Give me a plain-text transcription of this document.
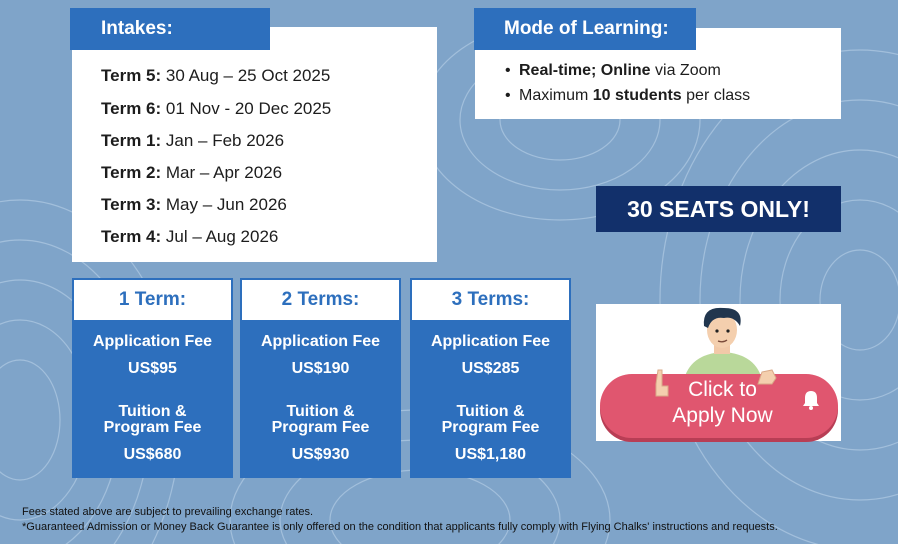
Intakes:
Term 5: 30 Aug – 25 Oct 2025
Term 6: 01 Nov - 20 Dec 2025
Term 1: Jan – Feb 2026
Term 2: Mar – Apr 2026
Term 3: May – Jun 2026
Term 4: Jul – Aug 2026
Mode of Learning:
• Real-time; Online via Zoom
• Maximum 10 students per class
30 SEATS ONLY!
1 Term:
Application Fee
US$95
Tuition &
Program Fee
US$680
2 Terms:
Application Fee
US$190
Tuition &
Program Fee
US$930
3 Terms:
Application Fee
US$285
Tuition &
Program Fee
US$1,180
Click to
Apply Now
Fees stated above are subject to prevailing exchange rates.
*Guaranteed Admission or Money Back Guarantee is only offered on the condition that applicants fully comply with Flying Chalks' instructions and requests.
